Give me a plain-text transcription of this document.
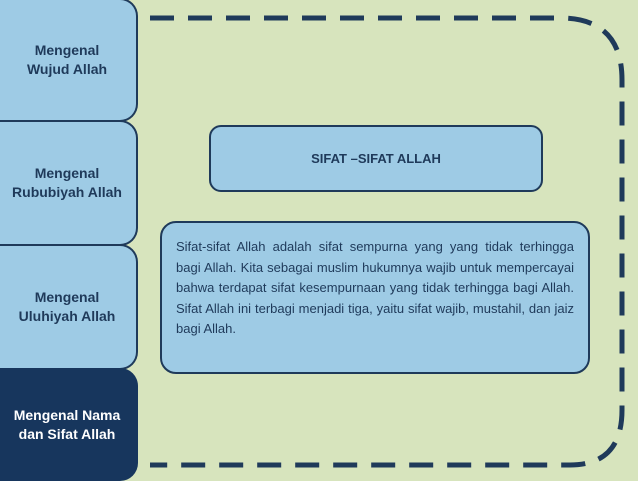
Mengenal
Wujud Allah
Mengenal
Rububiyah Allah
Mengenal
Uluhiyah Allah
Mengenal Nama
dan Sifat Allah
SIFAT –SIFAT ALLAH
Sifat-sifat Allah adalah sifat sempurna yang yang tidak terhingga bagi Allah. Kita sebagai muslim hukumnya wajib untuk mempercayai bahwa terdapat sifat kesempurnaan yang tidak terhingga bagi Allah. Sifat Allah ini terbagi menjadi tiga, yaitu sifat wajib, mustahil, dan jaiz bagi Allah.
